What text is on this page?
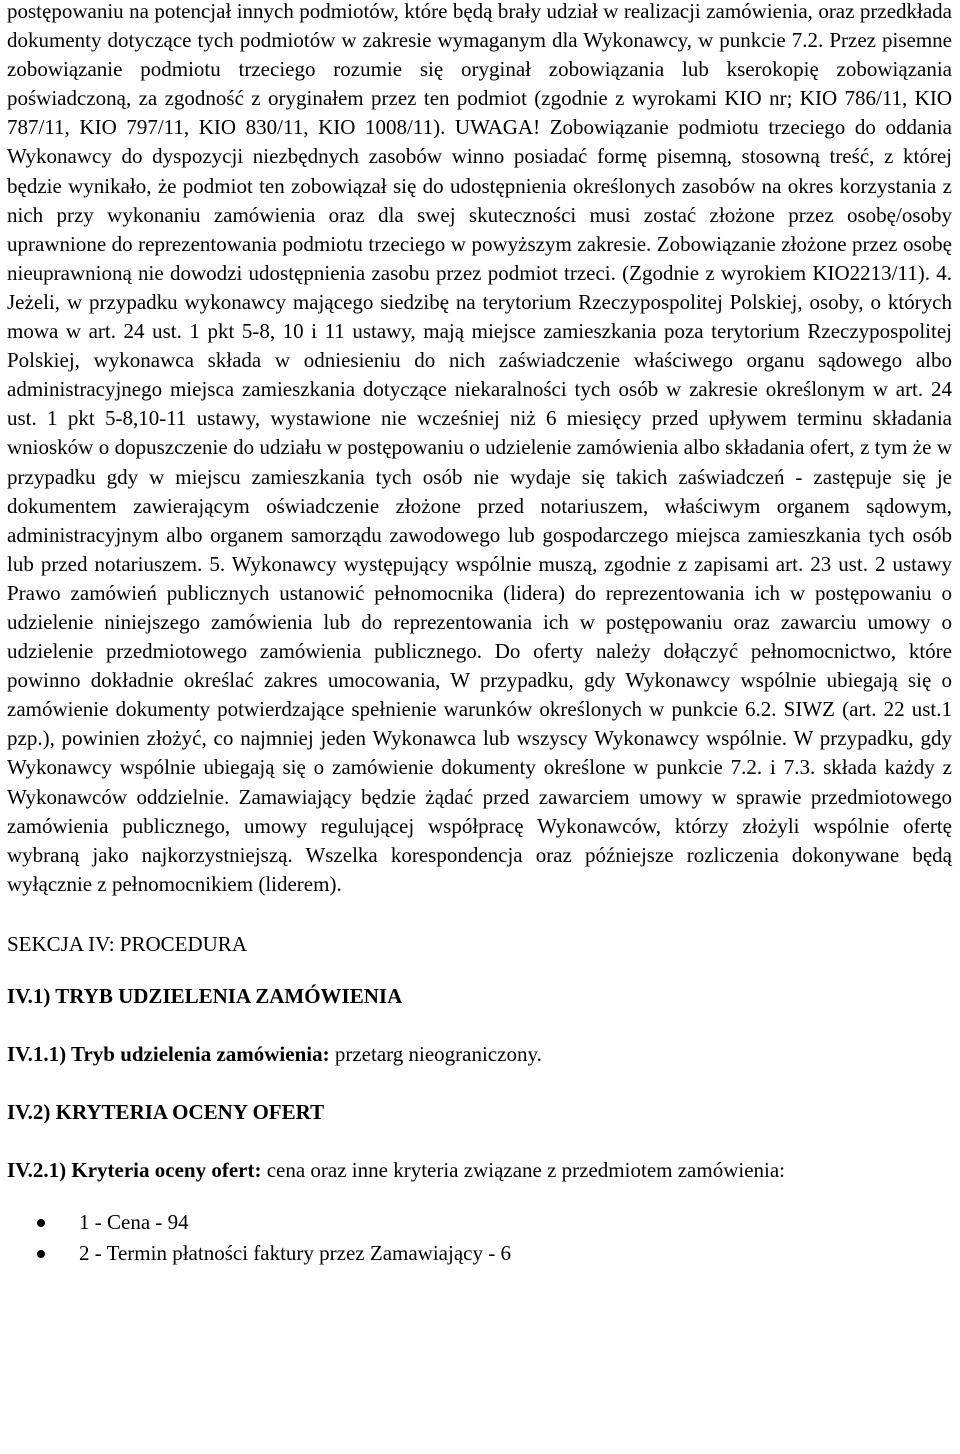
postępowaniu na potencjał innych podmiotów, które będą brały udział w realizacji zamówienia, oraz przedkłada dokumenty dotyczące tych podmiotów w zakresie wymaganym dla Wykonawcy, w punkcie 7.2. Przez pisemne zobowiązanie podmiotu trzeciego rozumie się oryginał zobowiązania lub kserokopię zobowiązania poświadczoną, za zgodność z oryginałem przez ten podmiot (zgodnie z wyrokami KIO nr; KIO 786/11, KIO 787/11, KIO 797/11, KIO 830/11, KIO 1008/11). UWAGA! Zobowiązanie podmiotu trzeciego do oddania Wykonawcy do dyspozycji niezbędnych zasobów winno posiadać formę pisemną, stosowną treść, z której będzie wynikało, że podmiot ten zobowiązał się do udostępnienia określonych zasobów na okres korzystania z nich przy wykonaniu zamówienia oraz dla swej skuteczności musi zostać złożone przez osobę/osoby uprawnione do reprezentowania podmiotu trzeciego w powyższym zakresie. Zobowiązanie złożone przez osobę nieuprawnioną nie dowodzi udostępnienia zasobu przez podmiot trzeci. (Zgodnie z wyrokiem KIO2213/11). 4. Jeżeli, w przypadku wykonawcy mającego siedzibę na terytorium Rzeczypospolitej Polskiej, osoby, o których mowa w art. 24 ust. 1 pkt 5-8, 10 i 11 ustawy, mają miejsce zamieszkania poza terytorium Rzeczypospolitej Polskiej, wykonawca składa w odniesieniu do nich zaświadczenie właściwego organu sądowego albo administracyjnego miejsca zamieszkania dotyczące niekaralności tych osób w zakresie określonym w art. 24 ust. 1 pkt 5-8,10-11 ustawy, wystawione nie wcześniej niż 6 miesięcy przed upływem terminu składania wniosków o dopuszczenie do udziału w postępowaniu o udzielenie zamówienia albo składania ofert, z tym że w przypadku gdy w miejscu zamieszkania tych osób nie wydaje się takich zaświadczeń - zastępuje się je dokumentem zawierającym oświadczenie złożone przed notariuszem, właściwym organem sądowym, administracyjnym albo organem samorządu zawodowego lub gospodarczego miejsca zamieszkania tych osób lub przed notariuszem. 5. Wykonawcy występujący wspólnie muszą, zgodnie z zapisami art. 23 ust. 2 ustawy Prawo zamówień publicznych ustanowić pełnomocnika (lidera) do reprezentowania ich w postępowaniu o udzielenie niniejszego zamówienia lub do reprezentowania ich w postępowaniu oraz zawarciu umowy o udzielenie przedmiotowego zamówienia publicznego. Do oferty należy dołączyć pełnomocnictwo, które powinno dokładnie określać zakres umocowania, W przypadku, gdy Wykonawcy wspólnie ubiegają się o zamówienie dokumenty potwierdzające spełnienie warunków określonych w punkcie 6.2. SIWZ (art. 22 ust.1 pzp.), powinien złożyć, co najmniej jeden Wykonawca lub wszyscy Wykonawcy wspólnie. W przypadku, gdy Wykonawcy wspólnie ubiegają się o zamówienie dokumenty określone w punkcie 7.2. i 7.3. składa każdy z Wykonawców oddzielnie. Zamawiający będzie żądać przed zawarciem umowy w sprawie przedmiotowego zamówienia publicznego, umowy regulującej współpracę Wykonawców, którzy złożyli wspólnie ofertę wybraną jako najkorzystniejszą. Wszelka korespondencja oraz późniejsze rozliczenia dokonywane będą wyłącznie z pełnomocnikiem (liderem).

SEKCJA IV: PROCEDURA

IV.1) TRYB UDZIELENIA ZAMÓWIENIA

IV.1.1) Tryb udzielenia zamówienia: przetarg nieograniczony.

IV.2) KRYTERIA OCENY OFERT

IV.2.1) Kryteria oceny ofert: cena oraz inne kryteria związane z przedmiotem zamówienia:

1 - Cena - 94
2 - Termin płatności faktury przez Zamawiający - 6
